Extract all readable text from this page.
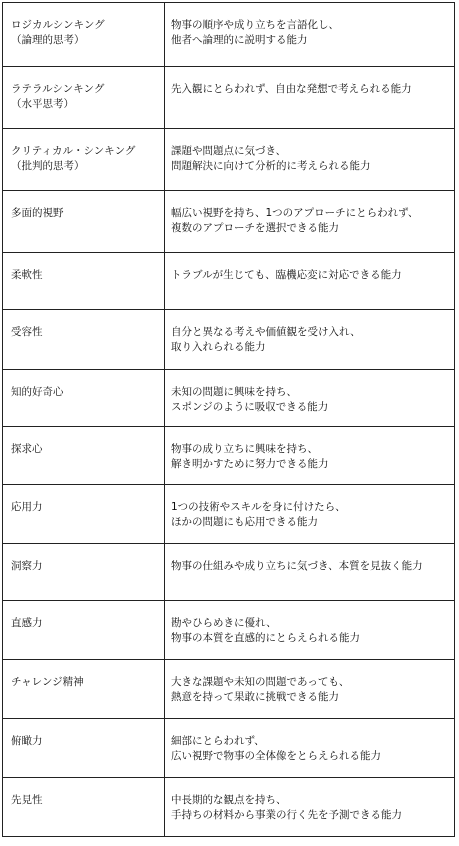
ロジカルシンキング
（論理的思考）	物事の順序や成り立ちを言語化し、
他者へ論理的に説明する能力
ラテラルシンキング
（水平思考）	先入観にとらわれず、自由な発想で考えられる能力
クリティカル・シンキング
（批判的思考）	課題や問題点に気づき、
問題解決に向けて分析的に考えられる能力
多面的視野	幅広い視野を持ち、1つのアプローチにとらわれず、
複数のアプローチを選択できる能力
柔軟性	トラブルが生じても、臨機応変に対応できる能力
受容性	自分と異なる考えや価値観を受け入れ、
取り入れられる能力
知的好奇心	未知の問題に興味を持ち、
スポンジのように吸収できる能力
探求心	物事の成り立ちに興味を持ち、
解き明かすために努力できる能力
応用力	1つの技術やスキルを身に付けたら、
ほかの問題にも応用できる能力
洞察力	物事の仕組みや成り立ちに気づき、本質を見抜く能力
直感力	勘やひらめきに優れ、
物事の本質を直感的にとらえられる能力
チャレンジ精神	大きな課題や未知の問題であっても、
熱意を持って果敢に挑戦できる能力
俯瞰力	細部にとらわれず、
広い視野で物事の全体像をとらえられる能力
先見性	中長期的な観点を持ち、
手持ちの材料から事業の行く先を予測できる能力
